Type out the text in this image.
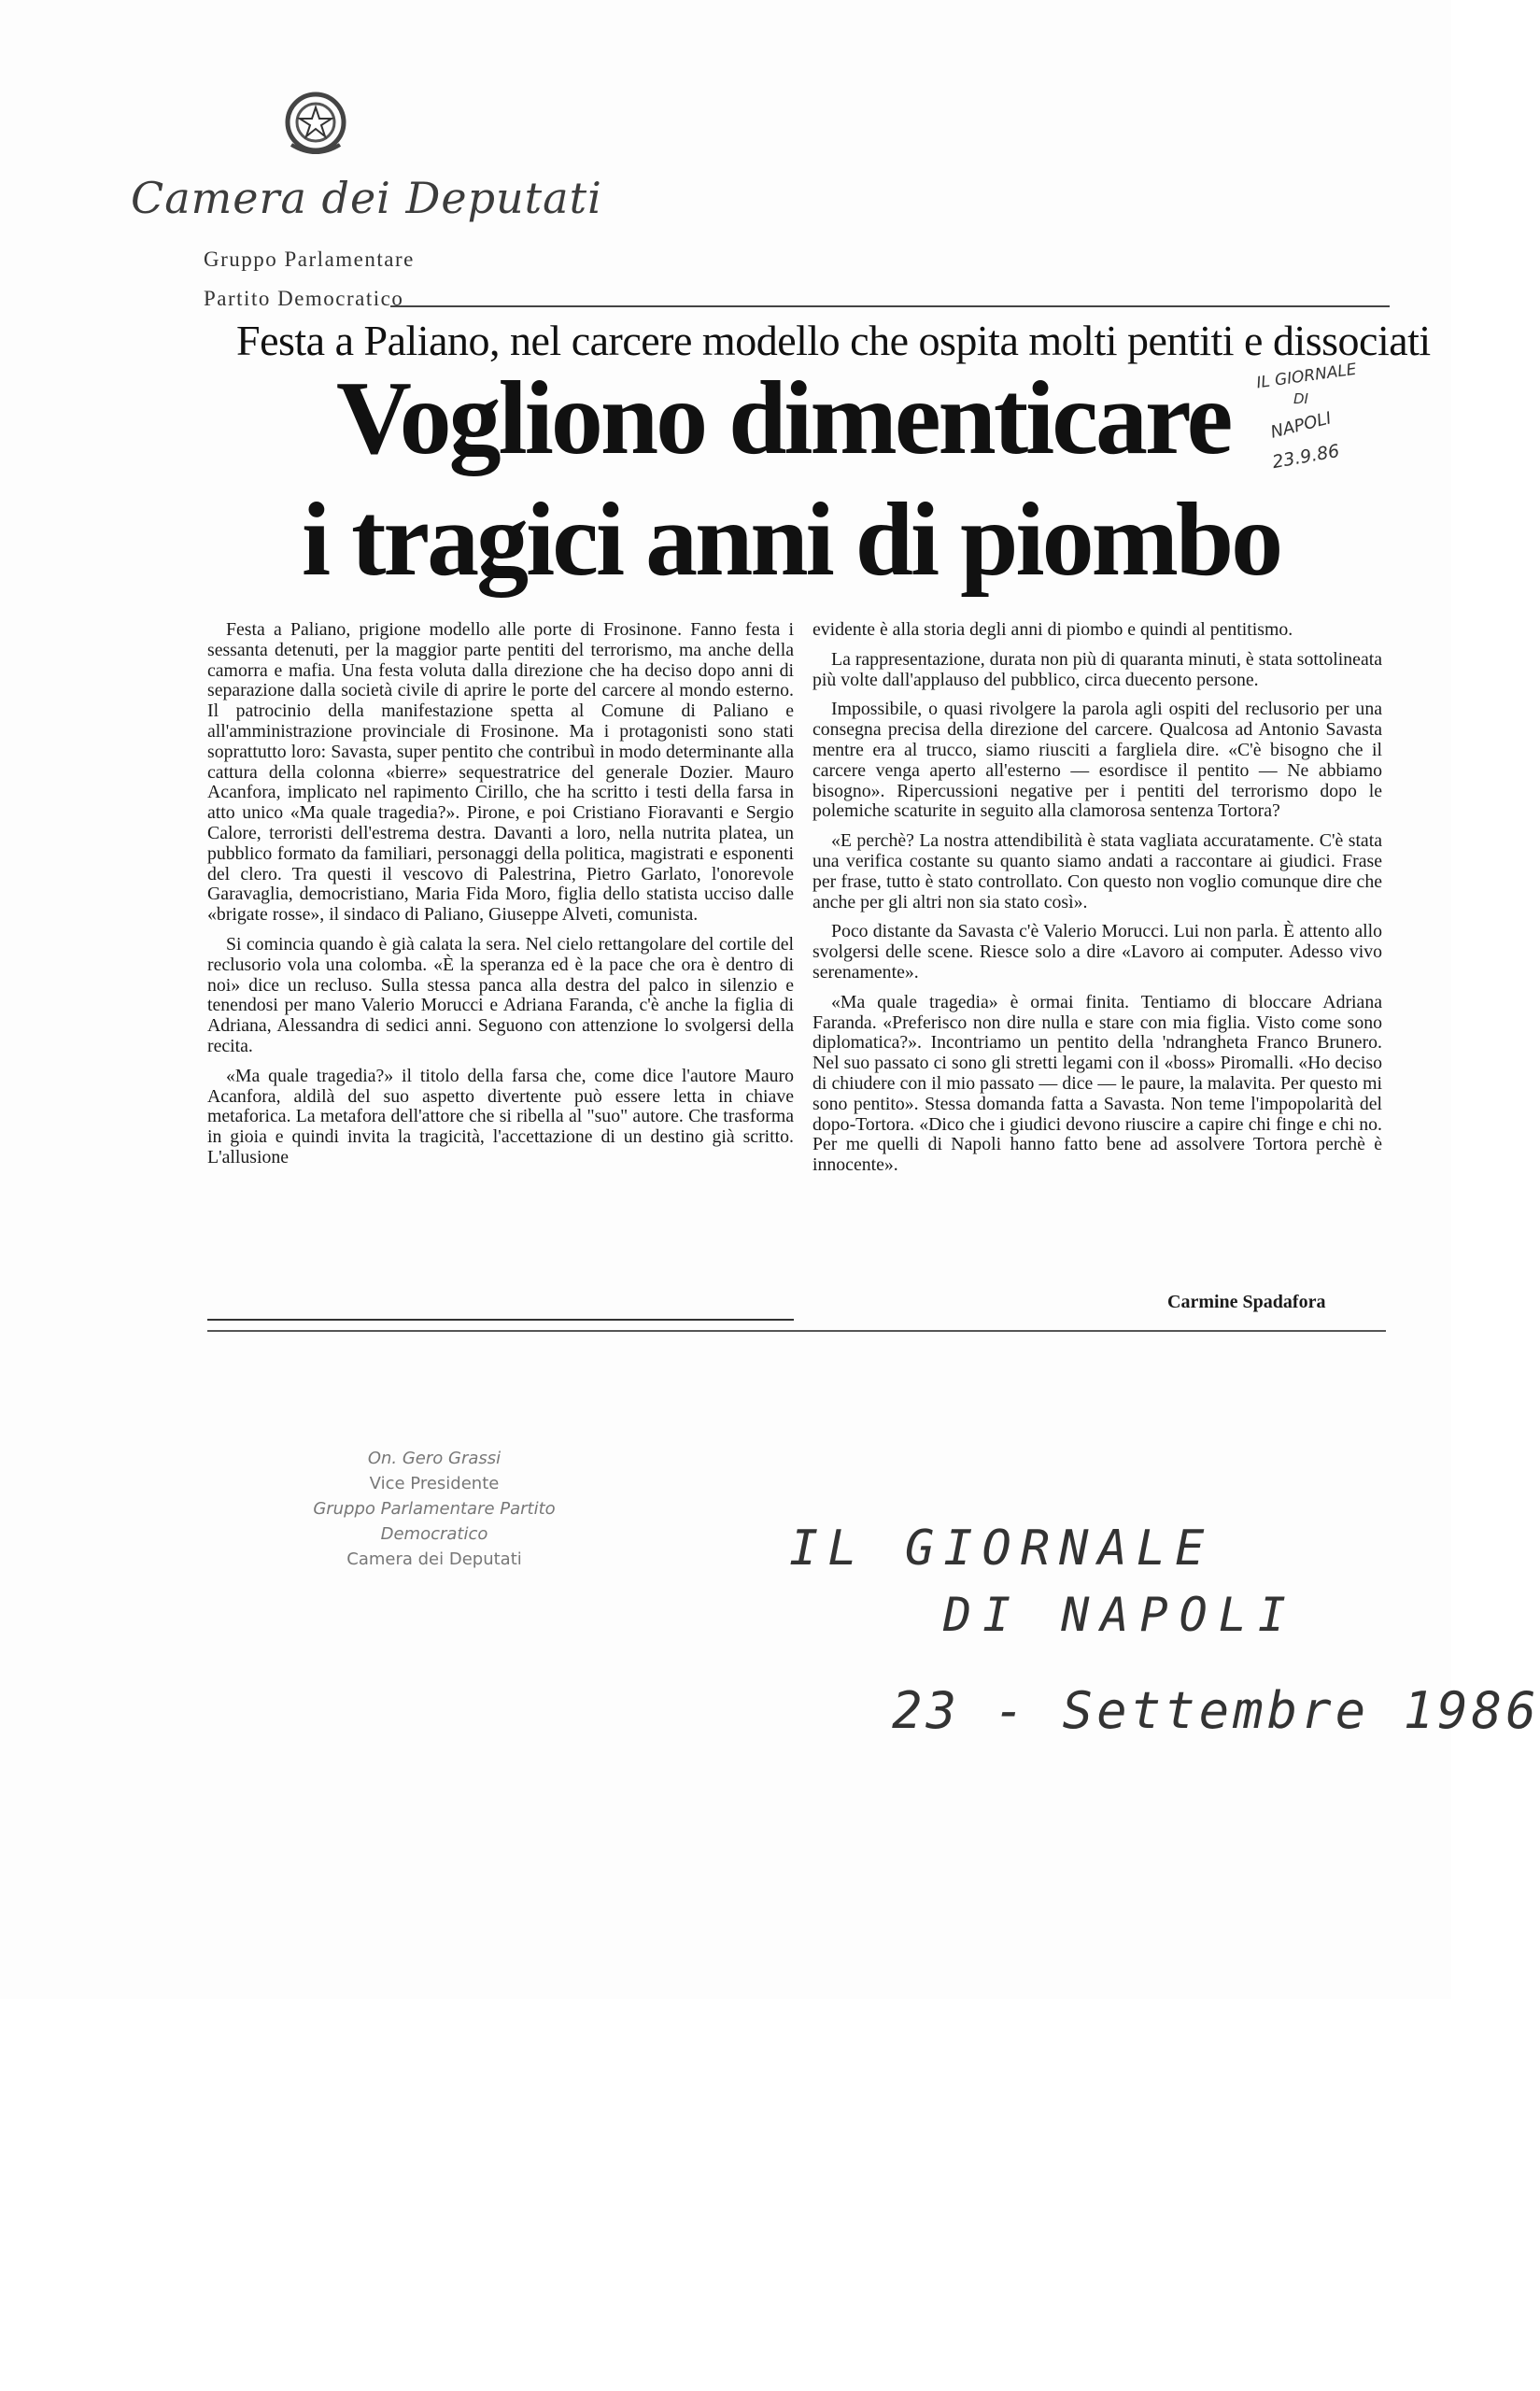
Camera dei Deputati
Gruppo Parlamentare
Partito Democratico
Festa a Paliano, nel carcere modello che ospita molti pentiti e dissociati
Vogliono dimenticare
i tragici anni di piombo
IL GIORNALE
DI
NAPOLI
23.9.86

Festa a Paliano, prigione modello alle porte di Frosinone. Fanno festa i sessanta detenuti, per la maggior parte pentiti del terrorismo, ma anche della camorra e mafia. Una festa voluta dalla direzione che ha deciso dopo anni di separazione dalla società civile di aprire le porte del carcere al mondo esterno. Il patrocinio della manifestazione spetta al Comune di Paliano e all'amministrazione provinciale di Frosinone. Ma i protagonisti sono stati soprattutto loro: Savasta, super pentito che contribuì in modo determinante alla cattura della colonna «bierre» sequestratrice del generale Dozier. Mauro Acanfora, implicato nel rapimento Cirillo, che ha scritto i testi della farsa in atto unico «Ma quale tragedia?». Pirone, e poi Cristiano Fioravanti e Sergio Calore, terroristi dell'estrema destra. Davanti a loro, nella nutrita platea, un pubblico formato da familiari, personaggi della politica, magistrati e esponenti del clero. Tra questi il vescovo di Palestrina, Pietro Garlato, l'onorevole Garavaglia, democristiano, Maria Fida Moro, figlia dello statista ucciso dalle «brigate rosse», il sindaco di Paliano, Giuseppe Alveti, comunista.

Si comincia quando è già calata la sera. Nel cielo rettangolare del cortile del reclusorio vola una colomba. «È la speranza ed è la pace che ora è dentro di noi» dice un recluso. Sulla stessa panca alla destra del palco in silenzio e tenendosi per mano Valerio Morucci e Adriana Faranda, c'è anche la figlia di Adriana, Alessandra di sedici anni. Seguono con attenzione lo svolgersi della recita.

«Ma quale tragedia?» il titolo della farsa che, come dice l'autore Mauro Acanfora, aldilà del suo aspetto divertente può essere letta in chiave metaforica. La metafora dell'attore che si ribella al "suo" autore. Che trasforma in gioia e quindi invita la tragicità, l'accettazione di un destino già scritto. L'allusione

evidente è alla storia degli anni di piombo e quindi al pentitismo.

La rappresentazione, durata non più di quaranta minuti, è stata sottolineata più volte dall'applauso del pubblico, circa duecento persone.

Impossibile, o quasi rivolgere la parola agli ospiti del reclusorio per una consegna precisa della direzione del carcere. Qualcosa ad Antonio Savasta mentre era al trucco, siamo riusciti a fargliela dire. «C'è bisogno che il carcere venga aperto all'esterno — esordisce il pentito — Ne abbiamo bisogno». Ripercussioni negative per i pentiti del terrorismo dopo le polemiche scaturite in seguito alla clamorosa sentenza Tortora?

«E perchè? La nostra attendibilità è stata vagliata accuratamente. C'è stata una verifica costante su quanto siamo andati a raccontare ai giudici. Frase per frase, tutto è stato controllato. Con questo non voglio comunque dire che anche per gli altri non sia stato così».

Poco distante da Savasta c'è Valerio Morucci. Lui non parla. È attento allo svolgersi delle scene. Riesce solo a dire «Lavoro ai computer. Adesso vivo serenamente».

«Ma quale tragedia» è ormai finita. Tentiamo di bloccare Adriana Faranda. «Preferisco non dire nulla e stare con mia figlia. Visto come sono diplomatica?». Incontriamo un pentito della 'ndrangheta Franco Brunero. Nel suo passato ci sono gli stretti legami con il «boss» Piromalli. «Ho deciso di chiudere con il mio passato — dice — le paure, la malavita. Per questo mi sono pentito». Stessa domanda fatta a Savasta. Non teme l'impopolarità del dopo-Tortora. «Dico che i giudici devono riuscire a capire chi finge e chi no. Per me quelli di Napoli hanno fatto bene ad assolvere Tortora perchè è innocente».

Carmine Spadafora
On. Gero Grassi
Vice Presidente
Gruppo Parlamentare Partito Democratico
Camera dei Deputati	IL GIORNALE
DI NAPOLI
23 - Settembre 1986
